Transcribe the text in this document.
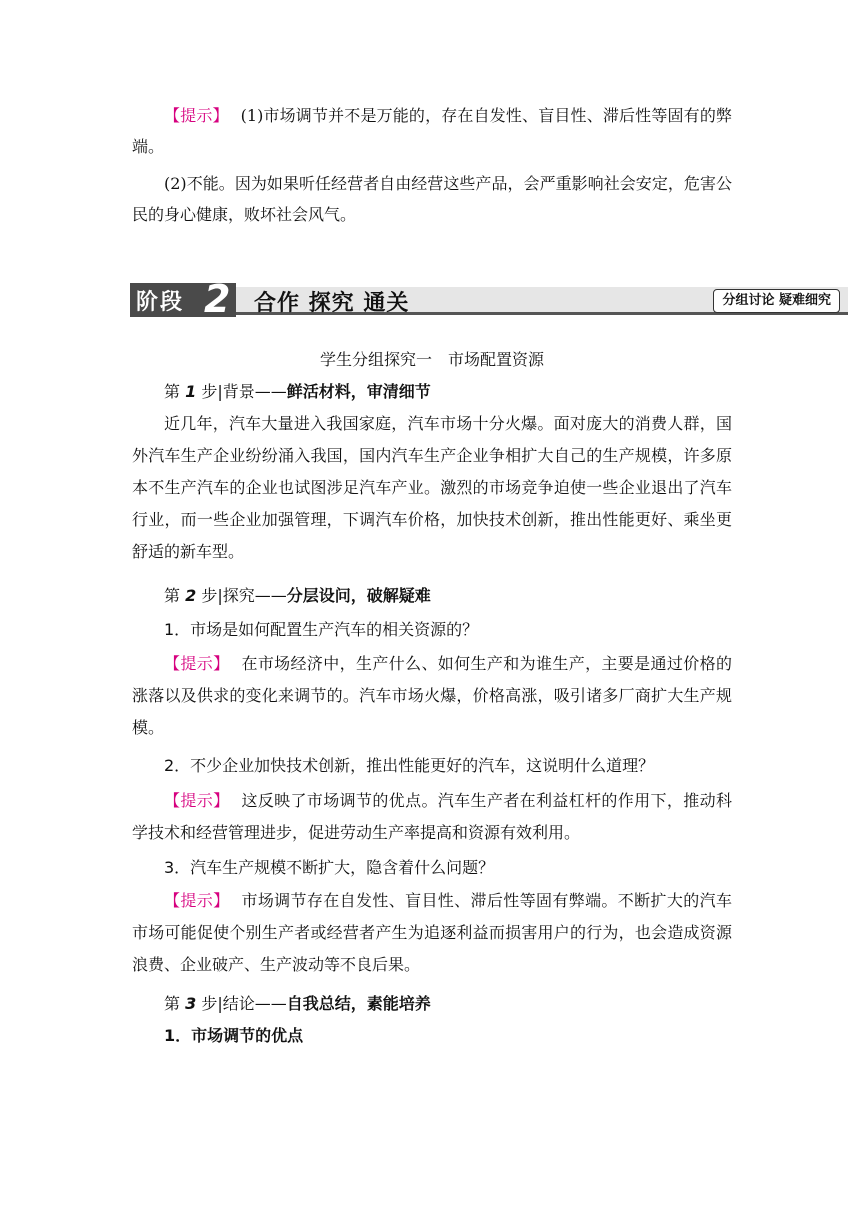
【提示】 (1)市场调节并不是万能的，存在自发性、盲目性、滞后性等固有的弊端。

(2)不能。因为如果听任经营者自由经营这些产品，会严重影响社会安定，危害公民的身心健康，败坏社会风气。

阶段 2 合作 探究 通关	分组讨论 疑难细究

学生分组探究一　市场配置资源

第 1 步|背景——鲜活材料，审清细节

近几年，汽车大量进入我国家庭，汽车市场十分火爆。面对庞大的消费人群，国外汽车生产企业纷纷涌入我国，国内汽车生产企业争相扩大自己的生产规模，许多原本不生产汽车的企业也试图涉足汽车产业。激烈的市场竞争迫使一些企业退出了汽车行业，而一些企业加强管理，下调汽车价格，加快技术创新，推出性能更好、乘坐更舒适的新车型。

第 2 步|探究——分层设问，破解疑难

1．市场是如何配置生产汽车的相关资源的？

【提示】 在市场经济中，生产什么、如何生产和为谁生产，主要是通过价格的涨落以及供求的变化来调节的。汽车市场火爆，价格高涨，吸引诸多厂商扩大生产规模。

2．不少企业加快技术创新，推出性能更好的汽车，这说明什么道理？

【提示】 这反映了市场调节的优点。汽车生产者在利益杠杆的作用下，推动科学技术和经营管理进步，促进劳动生产率提高和资源有效利用。

3．汽车生产规模不断扩大，隐含着什么问题？

【提示】 市场调节存在自发性、盲目性、滞后性等固有弊端。不断扩大的汽车市场可能促使个别生产者或经营者产生为追逐利益而损害用户的行为，也会造成资源浪费、企业破产、生产波动等不良后果。

第 3 步|结论——自我总结，素能培养

1．市场调节的优点
